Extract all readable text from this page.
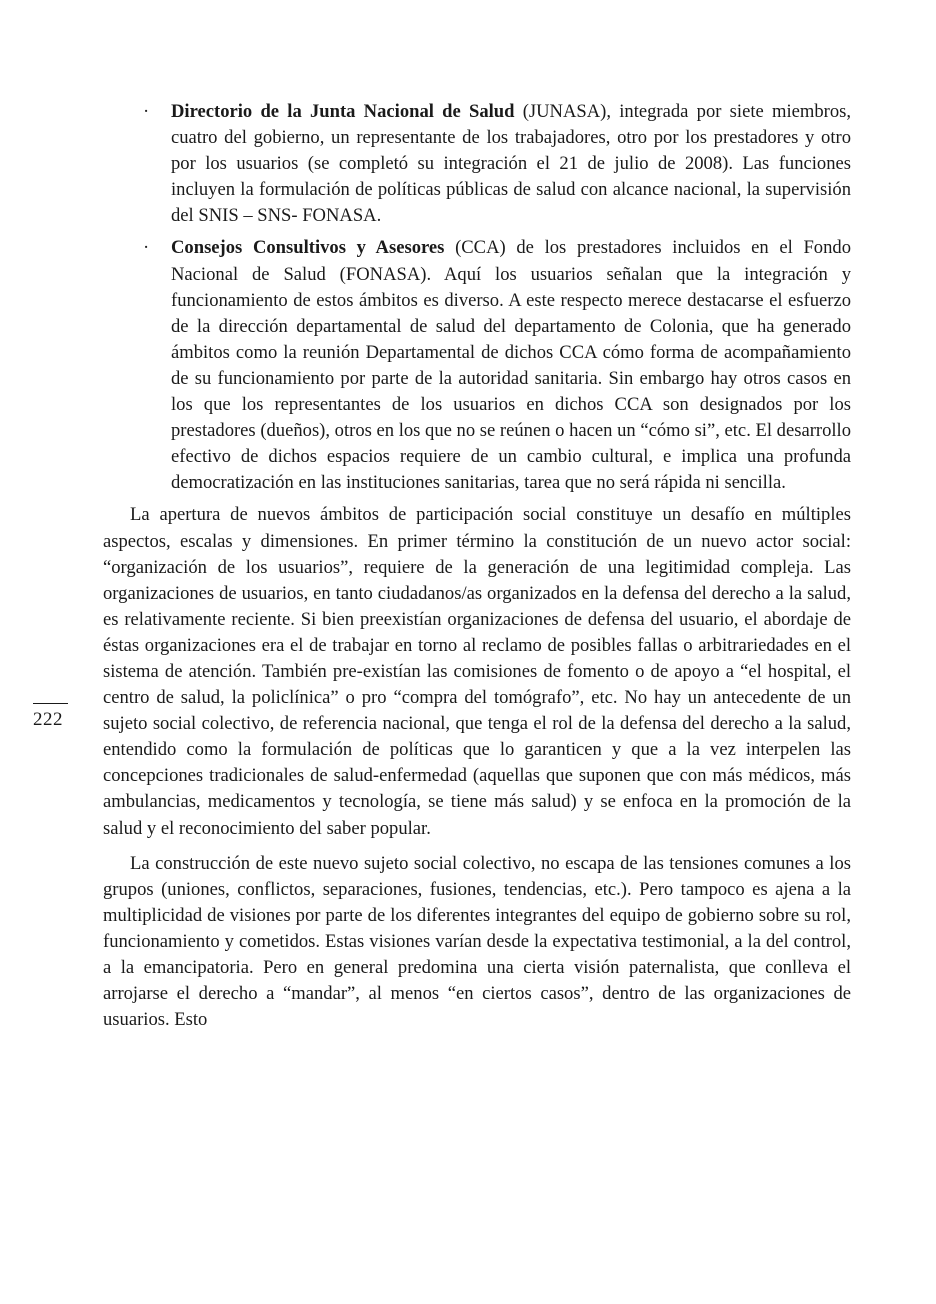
222
· Directorio de la Junta Nacional de Salud (JUNASA), integrada por siete miembros, cuatro del gobierno, un representante de los trabajadores, otro por los prestadores y otro por los usuarios (se completó su integración el 21 de julio de 2008). Las funciones incluyen la formulación de políticas públicas de salud con alcance nacional, la supervisión del SNIS – SNS- FONASA.

· Consejos Consultivos y Asesores (CCA) de los prestadores incluidos en el Fondo Nacional de Salud (FONASA). Aquí los usuarios señalan que la integración y funcionamiento de estos ámbitos es diverso. A este respecto merece destacarse el esfuerzo de la dirección departamental de salud del departamento de Colonia, que ha generado ámbitos como la reunión Departamental de dichos CCA cómo forma de acompañamiento de su funcionamiento por parte de la autoridad sanitaria. Sin embargo hay otros casos en los que los representantes de los usuarios en dichos CCA son designados por los prestadores (dueños), otros en los que no se reúnen o hacen un “cómo si”, etc. El desarrollo efectivo de dichos espacios requiere de un cambio cultural, e implica una profunda democratización en las instituciones sanitarias, tarea que no será rápida ni sencilla.

La apertura de nuevos ámbitos de participación social constituye un desafío en múltiples aspectos, escalas y dimensiones. En primer término la constitución de un nuevo actor social: “organización de los usuarios”, requiere de la generación de una legitimidad compleja. Las organizaciones de usuarios, en tanto ciudadanos/as organizados en la defensa del derecho a la salud, es relativamente reciente. Si bien preexistían organizaciones de defensa del usuario, el abordaje de éstas organizaciones era el de trabajar en torno al reclamo de posibles fallas o arbitrariedades en el sistema de atención. También pre-existían las comisiones de fomento o de apoyo a “el hospital, el centro de salud, la policlínica” o pro “compra del tomógrafo”, etc. No hay un antecedente de un sujeto social colectivo, de referencia nacional, que tenga el rol de la defensa del derecho a la salud, entendido como la formulación de políticas que lo garanticen y que a la vez interpelen las concepciones tradicionales de salud-enfermedad (aquellas que suponen que con más médicos, más ambulancias, medicamentos y tecnología, se tiene más salud) y se enfoca en la promoción de la salud y el reconocimiento del saber popular.

La construcción de este nuevo sujeto social colectivo, no escapa de las tensiones comunes a los grupos (uniones, conflictos, separaciones, fusiones, tendencias, etc.). Pero tampoco es ajena a la multiplicidad de visiones por parte de los diferentes integrantes del equipo de gobierno sobre su rol, funcionamiento y cometidos. Estas visiones varían desde la expectativa testimonial, a la del control, a la emancipatoria. Pero en general predomina una cierta visión paternalista, que conlleva el arrojarse el derecho a “mandar”, al menos “en ciertos casos”, dentro de las organizaciones de usuarios. Esto
